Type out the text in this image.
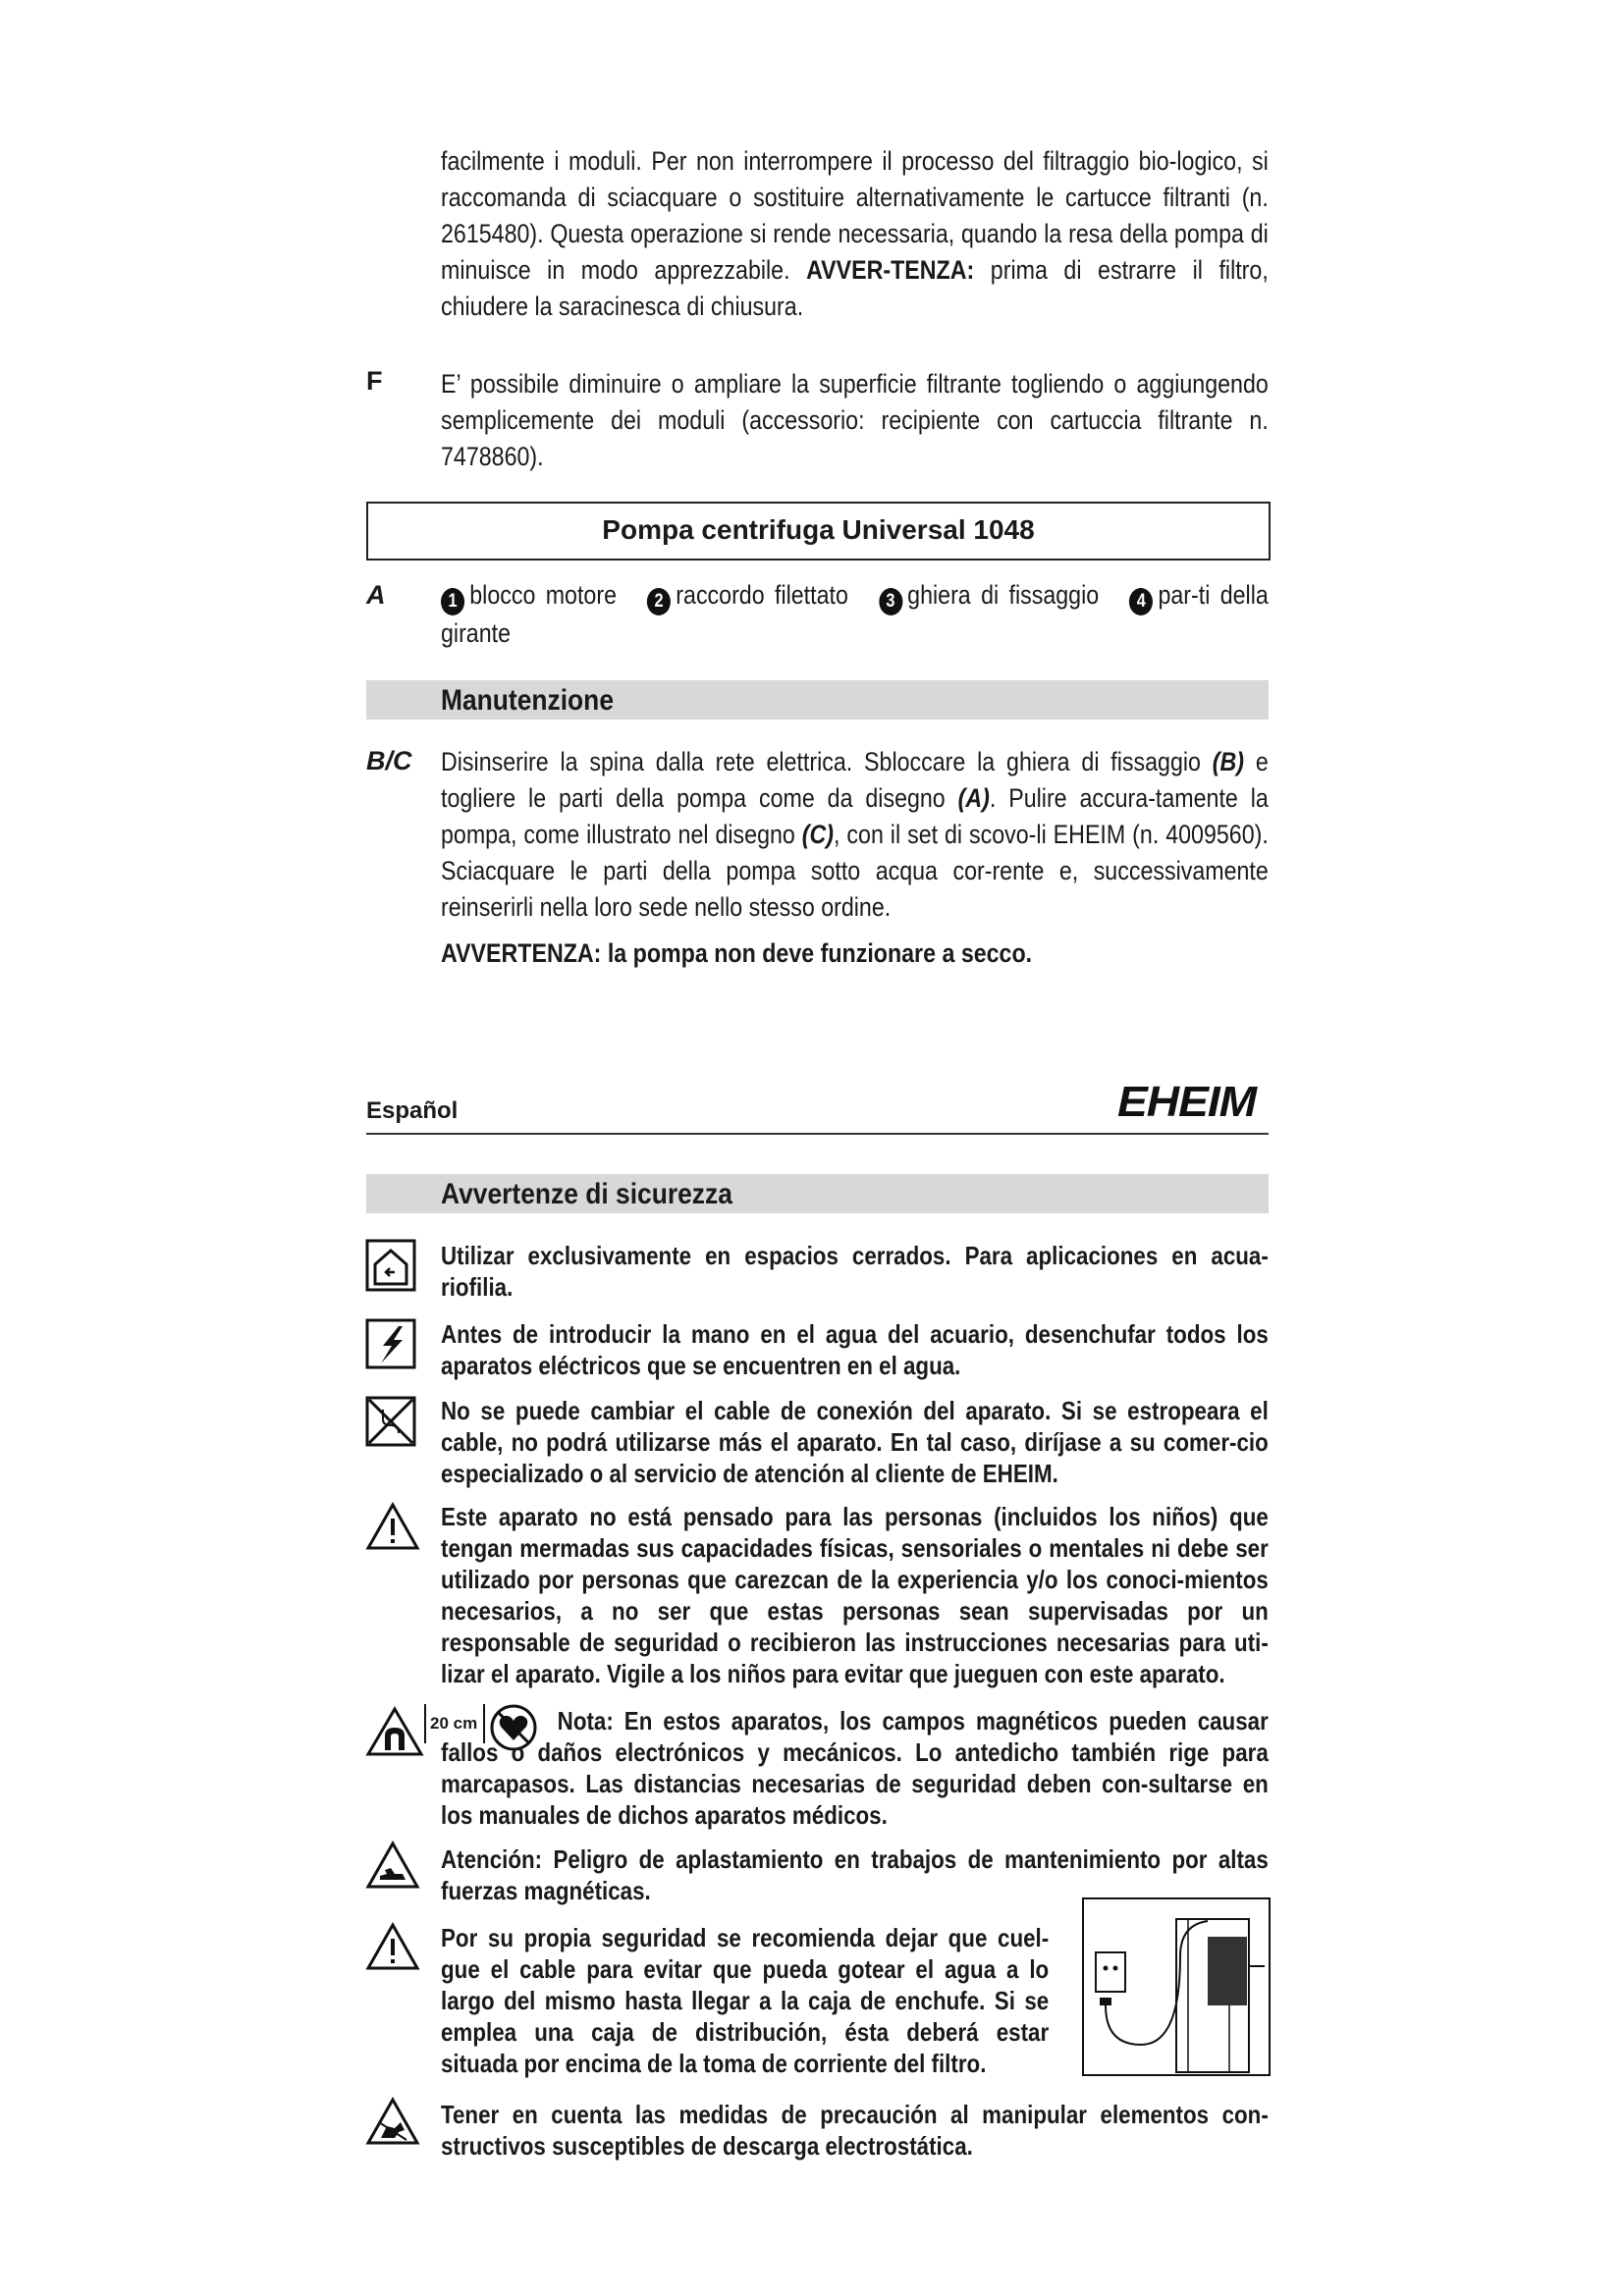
facilmente i moduli. Per non interrompere il processo del filtraggio bio-logico, si raccomanda di sciacquare o sostituire alternativamente le cartucce filtranti (n. 2615480). Questa operazione si rende necessaria, quando la resa della pompa di minuisce in modo apprezzabile. AVVER-TENZA: prima di estrarre il filtro, chiudere la saracinesca di chiusura.
F E’ possibile diminuire o ampliare la superficie filtrante togliendo o aggiungendo semplicemente dei moduli (accessorio: recipiente con cartuccia filtrante n. 7478860).
Pompa centrifuga Universal 1048
A	1 blocco motore 2 raccordo filettato 3 ghiera di fissaggio 4 par-ti della girante
Manutenzione
B/C Disinserire la spina dalla rete elettrica. Sbloccare la ghiera di fissaggio (B) e togliere le parti della pompa come da disegno (A). Pulire accura-tamente la pompa, come illustrato nel disegno (C), con il set di scovo-li EHEIM (n. 4009560). Sciacquare le parti della pompa sotto acqua cor-rente e, successivamente reinserirli nella loro sede nello stesso ordine.
AVVERTENZA: la pompa non deve funzionare a secco.
Español	EHEIM
Avvertenze di sicurezza
Utilizar exclusivamente en espacios cerrados. Para aplicaciones en acua-riofilia.
Antes de introducir la mano en el agua del acuario, desenchufar todos los aparatos eléctricos que se encuentren en el agua.
No se puede cambiar el cable de conexión del aparato. Si se estropeara el cable, no podrá utilizarse más el aparato. En tal caso, diríjase a su comer-cio especializado o al servicio de atención al cliente de EHEIM.
Este aparato no está pensado para las personas (incluidos los niños) que tengan mermadas sus capacidades físicas, sensoriales o mentales ni debe ser utilizado por personas que carezcan de la experiencia y/o los conoci-mientos necesarios, a no ser que estas personas sean supervisadas por un responsable de seguridad o recibieron las instrucciones necesarias para uti-lizar el aparato. Vigile a los niños para evitar que jueguen con este aparato.
20 cm	Nota: En estos aparatos, los campos magnéticos pueden causar fallos o daños electrónicos y mecánicos. Lo antedicho también rige para marcapasos. Las distancias necesarias de seguridad deben con-sultarse en los manuales de dichos aparatos médicos.
Atención: Peligro de aplastamiento en trabajos de mantenimiento por altas fuerzas magnéticas.
Por su propia seguridad se recomienda dejar que cuel-gue el cable para evitar que pueda gotear el agua a lo largo del mismo hasta llegar a la caja de enchufe. Si se emplea una caja de distribución, ésta deberá estar situada por encima de la toma de corriente del filtro.
Tener en cuenta las medidas de precaución al manipular elementos con-structivos susceptibles de descarga electrostática.
